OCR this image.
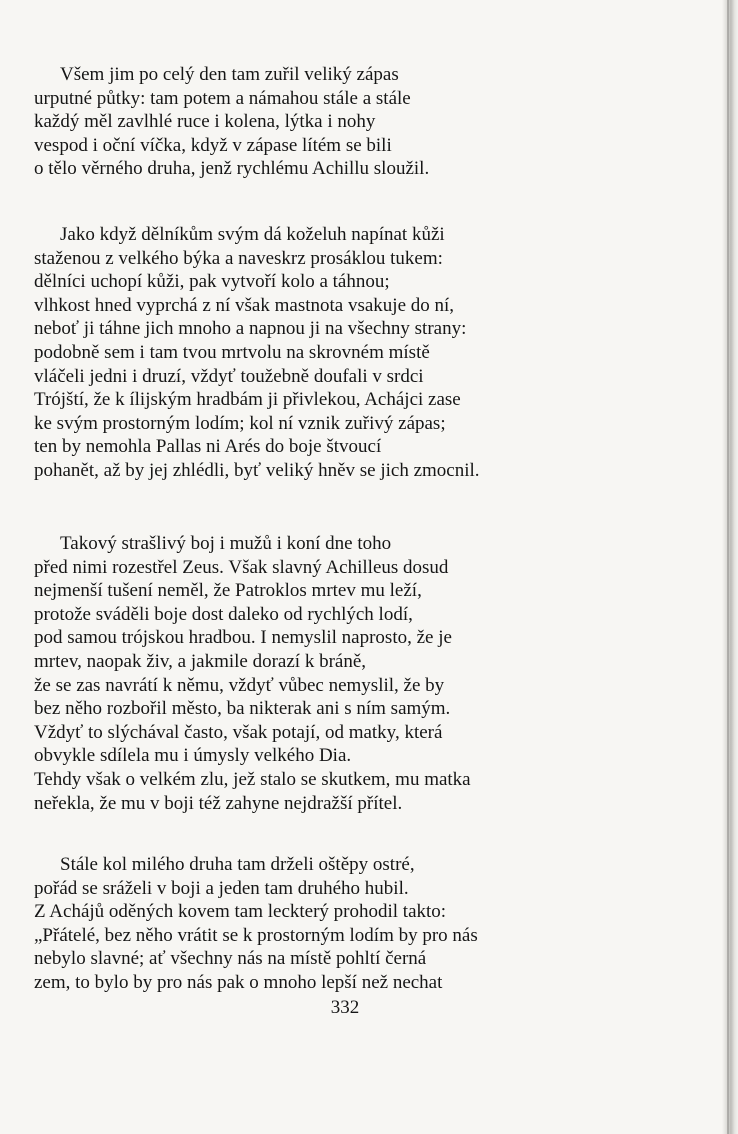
Všem jim po celý den tam zuřil veliký zápas
urputné půtky: tam potem a námahou stále a stále
každý měl zavlhlé ruce i kolena, lýtka i nohy
vespod i oční víčka, když v zápase lítém se bili
o tělo věrného druha, jenž rychlému Achillu sloužil.
Jako když dělníkům svým dá koželuh napínat kůži
staženou z velkého býka a naveskrz prosáklou tukem:
dělníci uchopí kůži, pak vytvoří kolo a táhnou;
vlhkost hned vyprchá z ní však mastnota vsakuje do ní,
neboť ji táhne jich mnoho a napnou ji na všechny strany:
podobně sem i tam tvou mrtvolu na skrovném místě
vláčeli jedni i druzí, vždyť toužebně doufali v srdci
Trójští, že k ílijským hradbám ji přivlekou, Achájci zase
ke svým prostorným lodím; kol ní vznik zuřivý zápas;
ten by nemohla Pallas ni Arés do boje štvoucí
pohanět, až by jej zhlédli, byť veliký hněv se jich zmocnil.
Takový strašlivý boj i mužů i koní dne toho
před nimi rozestřel Zeus. Však slavný Achilleus dosud
nejmenší tušení neměl, že Patroklos mrtev mu leží,
protože sváděli boje dost daleko od rychlých lodí,
pod samou trójskou hradbou. I nemyslil naprosto, že je
mrtev, naopak živ, a jakmile dorazí k bráně,
že se zas navrátí k němu, vždyť vůbec nemyslil, že by
bez něho rozbořil město, ba nikterak ani s ním samým.
Vždyť to slýchával často, však potají, od matky, která
obvykle sdílela mu i úmysly velkého Dia.
Tehdy však o velkém zlu, jež stalo se skutkem, mu matka
neřekla, že mu v boji též zahyne nejdražší přítel.
Stále kol milého druha tam drželi oštěpy ostré,
pořád se sráželi v boji a jeden tam druhého hubil.
Z Achájů oděných kovem tam leckterý prohodil takto:
„Přátelé, bez něho vrátit se k prostorným lodím by pro nás
nebylo slavné; ať všechny nás na místě pohltí černá
zem, to bylo by pro nás pak o mnoho lepší než nechat
332
